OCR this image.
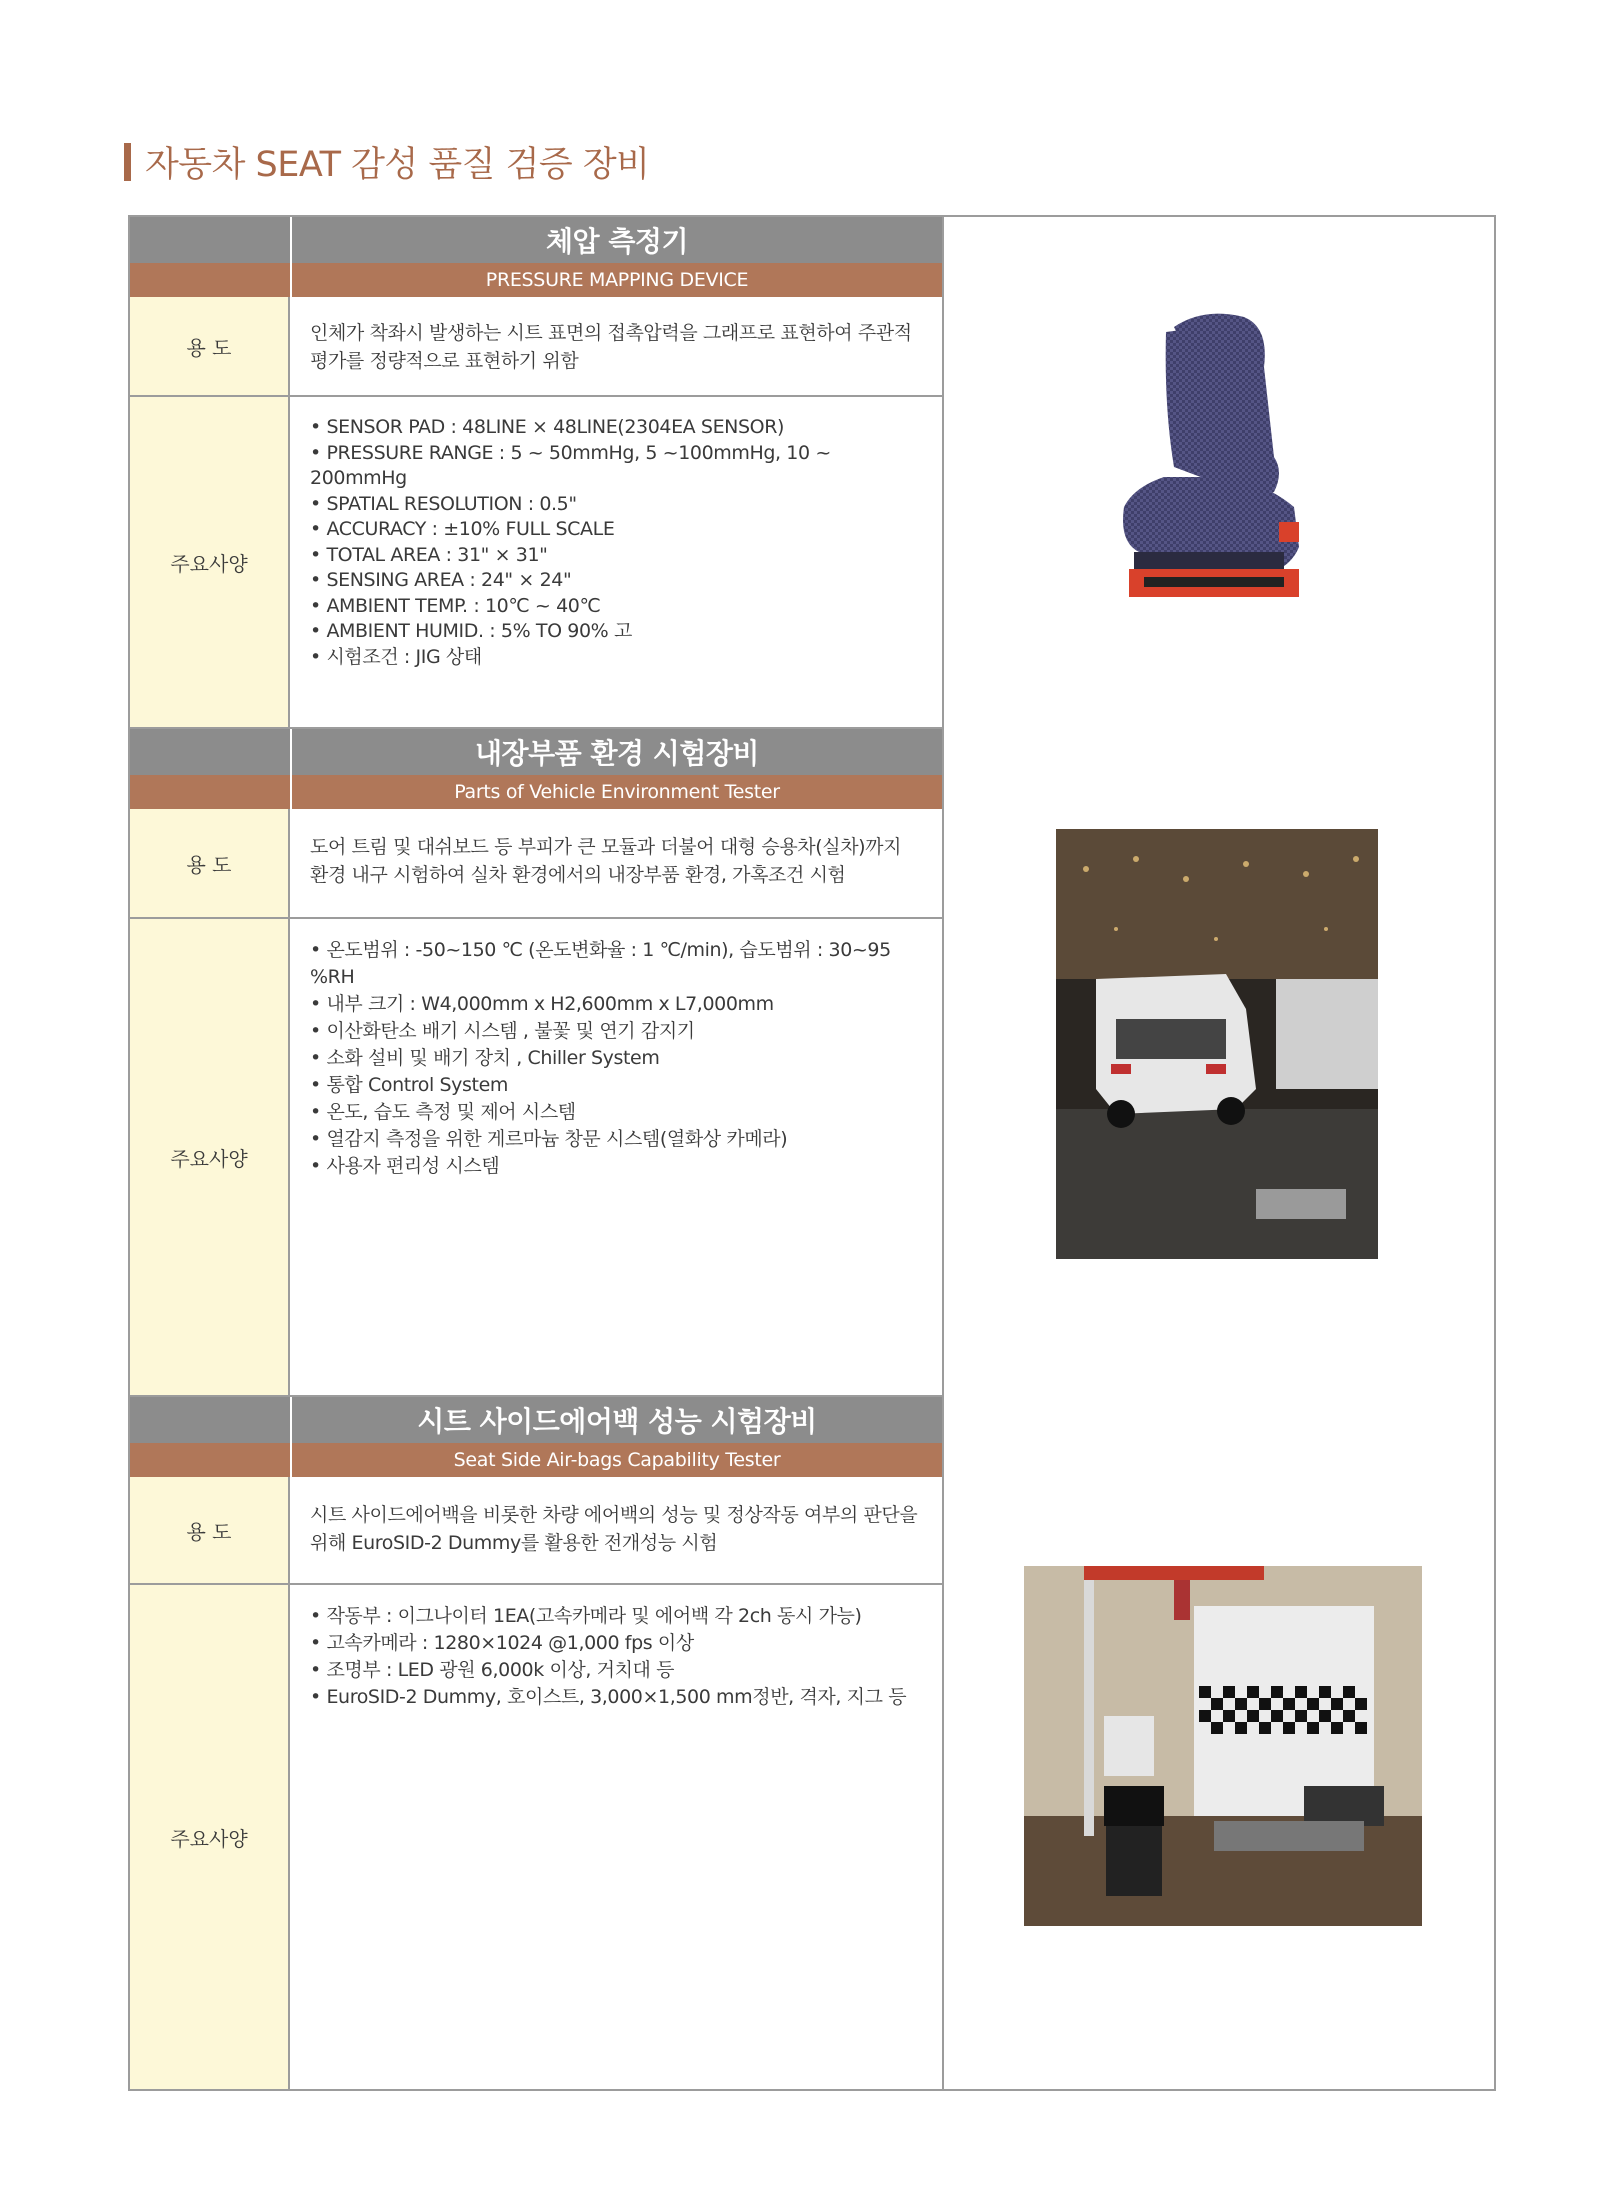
자동차 SEAT 감성 품질 검증 장비
체압 측정기
PRESSURE MAPPING DEVICE
용 도
인체가 착좌시 발생하는 시트 표면의 접촉압력을 그래프로 표현하여 주관적 평가를 정량적으로 표현하기 위함
주요사양
• SENSOR PAD : 48LINE × 48LINE(2304EA SENSOR)
• PRESSURE RANGE : 5 ~ 50mmHg, 5 ~100mmHg, 10 ~ 200mmHg
• SPATIAL RESOLUTION : 0.5"
• ACCURACY : ±10% FULL SCALE
• TOTAL AREA : 31" × 31"
• SENSING AREA : 24" × 24"
• AMBIENT TEMP. : 10℃ ~ 40℃
• AMBIENT HUMID. : 5% TO 90% 고
• 시험조건 : JIG 상태
내장부품 환경 시험장비
Parts of Vehicle Environment Tester
용 도
도어 트림 및 대쉬보드 등 부피가 큰 모듈과 더불어 대형 승용차(실차)까지 환경 내구 시험하여 실차 환경에서의 내장부품 환경, 가혹조건 시험
주요사양
• 온도범위 : -50~150 ℃ (온도변화율 : 1 ℃/min), 습도범위 : 30~95 %RH
• 내부 크기 : W4,000mm x H2,600mm x L7,000mm
• 이산화탄소 배기 시스템 , 불꽃 및 연기 감지기
• 소화 설비 및 배기 장치 , Chiller System
• 통합 Control System
• 온도, 습도 측정 및 제어 시스템
• 열감지 측정을 위한 게르마늄 창문 시스템(열화상 카메라)
• 사용자 편리성 시스템
시트 사이드에어백 성능 시험장비
Seat Side Air-bags Capability Tester
용 도
시트 사이드에어백을 비롯한 차량 에어백의 성능 및 정상작동 여부의 판단을 위해 EuroSID-2 Dummy를 활용한 전개성능 시험
주요사양
• 작동부 : 이그나이터 1EA(고속카메라 및 에어백 각 2ch 동시 가능)
• 고속카메라 : 1280×1024 @1,000 fps 이상
• 조명부 : LED 광원 6,000k 이상, 거치대 등
• EuroSID-2 Dummy, 호이스트, 3,000×1,500 mm정반, 격자, 지그 등
